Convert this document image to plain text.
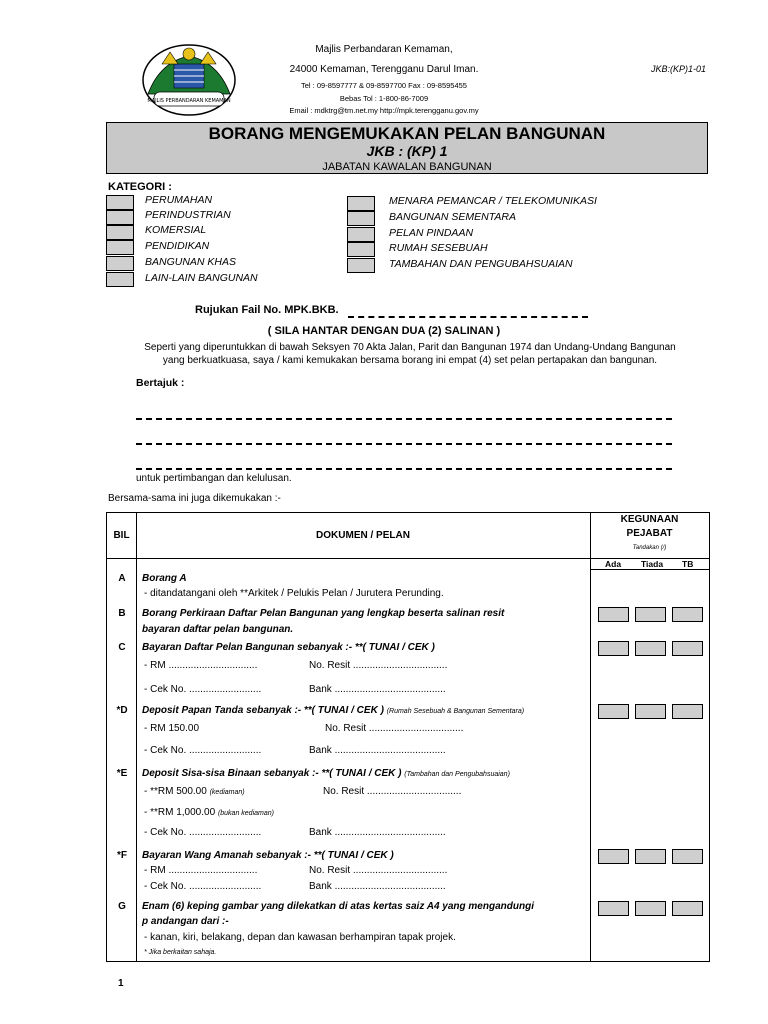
MAJLIS PERBANDARAN KEMAMAN
Majlis Perbandaran Kemaman,
24000 Kemaman, Terengganu Darul Iman.
Tel : 09-8597777 & 09-8597700 Fax : 09-8595455
Bebas Tol : 1-800-86-7009
Email : mdktrg@tm.net.my http://mpk.terengganu.gov.my
JKB:(KP)1-01
BORANG MENGEMUKAKAN PELAN BANGUNAN
JKB : (KP) 1
JABATAN KAWALAN BANGUNAN
KATEGORI :
PERUMAHAN
PERINDUSTRIAN
KOMERSIAL
PENDIDIKAN
BANGUNAN KHAS
LAIN-LAIN BANGUNAN
MENARA PEMANCAR / TELEKOMUNIKASI
BANGUNAN SEMENTARA
PELAN PINDAAN
RUMAH SESEBUAH
TAMBAHAN DAN PENGUBAHSUAIAN
Rujukan Fail No. MPK.BKB.
( SILA HANTAR DENGAN DUA (2) SALINAN )
Seperti yang diperuntukkan di bawah Seksyen 70 Akta Jalan, Parit dan Bangunan 1974 dan Undang-Undang Bangunan
yang berkuatkuasa, saya / kami kemukakan bersama borang ini empat (4) set pelan pertapakan dan bangunan.
Bertajuk :
untuk pertimbangan dan kelulusan.
Bersama-sama ini juga dikemukakan :-
BIL	DOKUMEN / PELAN
KEGUNAAN
PEJABAT
Tandakan (/)
Ada Tiada TB
A	Borang A
- ditandatangani oleh **Arkitek / Pelukis Pelan / Jurutera Perunding.
B	Borang Perkiraan Daftar Pelan Bangunan yang lengkap beserta salinan resit
bayaran daftar pelan bangunan.
C	Bayaran Daftar Pelan Bangunan sebanyak :- **( TUNAI / CEK )
- RM ................................	No. Resit ..................................
- Cek No. ..........................	Bank ........................................
*D	Deposit Papan Tanda sebanyak :- **( TUNAI / CEK ) (Rumah Sesebuah & Bangunan Sementara)
- RM 150.00	No. Resit ..................................
- Cek No. ..........................	Bank ........................................
*E	Deposit Sisa-sisa Binaan sebanyak :- **( TUNAI / CEK ) (Tambahan dan Pengubahsuaian)
- **RM 500.00 (kediaman)	No. Resit ..................................
- **RM 1,000.00 (bukan kediaman)
- Cek No. ..........................	Bank ........................................
*F	Bayaran Wang Amanah sebanyak :- **( TUNAI / CEK )
- RM ................................	No. Resit ..................................
- Cek No. ..........................	Bank ........................................
G	Enam (6) keping gambar yang dilekatkan di atas kertas saiz A4 yang mengandungi
p andangan dari :-
- kanan, kiri, belakang, depan dan kawasan berhampiran tapak projek.
* Jika berkaitan sahaja.
1
